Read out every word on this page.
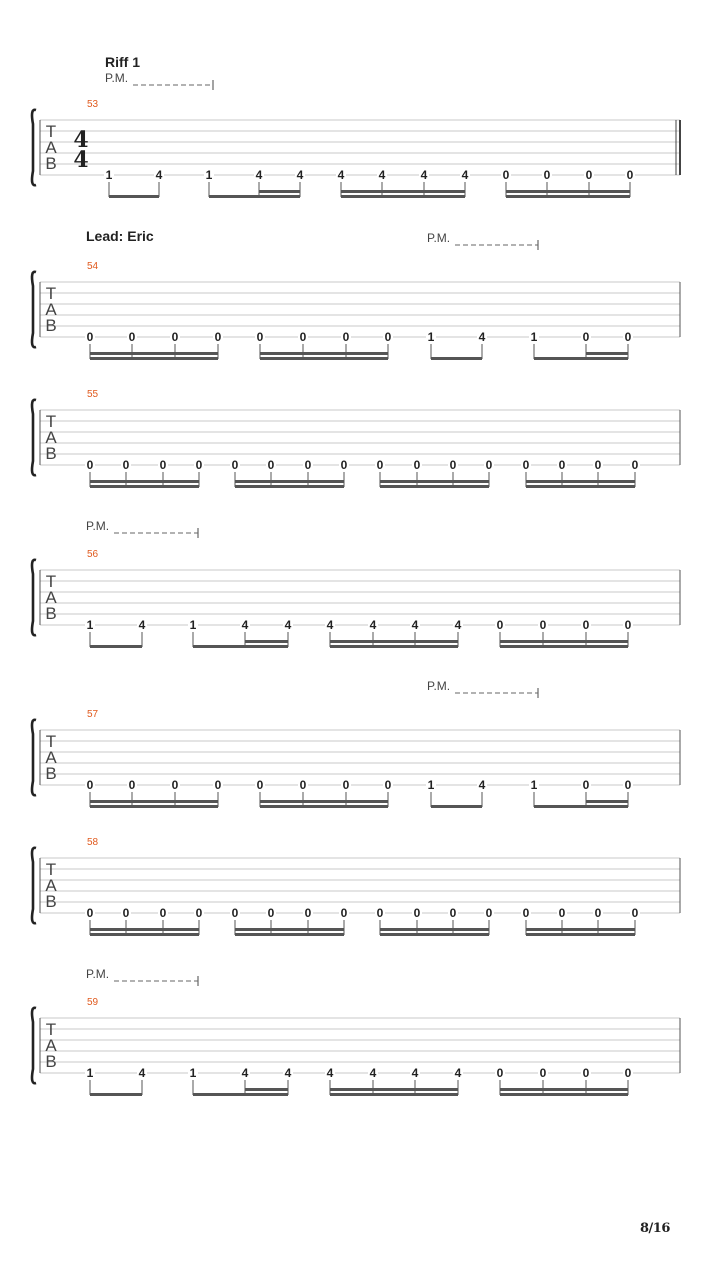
53
Riff 1
P.M.
T
A
B
4
4
1	4	1	4	4	4	4	4	4	0	0	0	0
54
Lead: Eric	P.M.
T
A
B
0	0	0	0	0	0	0	0	1	4	1	0	0
55
T
A
B
0 0	0 0 0 0	0 0 0	0 0 0	0 0 0	0
56
P.M.
T
A
B
1	4	1	4	4	4	4	4	4	0	0	0	0
57
P.M.
T
A
B
0	0	0	0	0	0	0	0	1	4	1	0	0
58
T
A
B
0 0	0 0 0 0	0 0 0	0 0 0	0 0 0	0
59
P.M.
T
A
B
1	4	1	4	4	4	4	4	4	0	0	0	0
8/16
